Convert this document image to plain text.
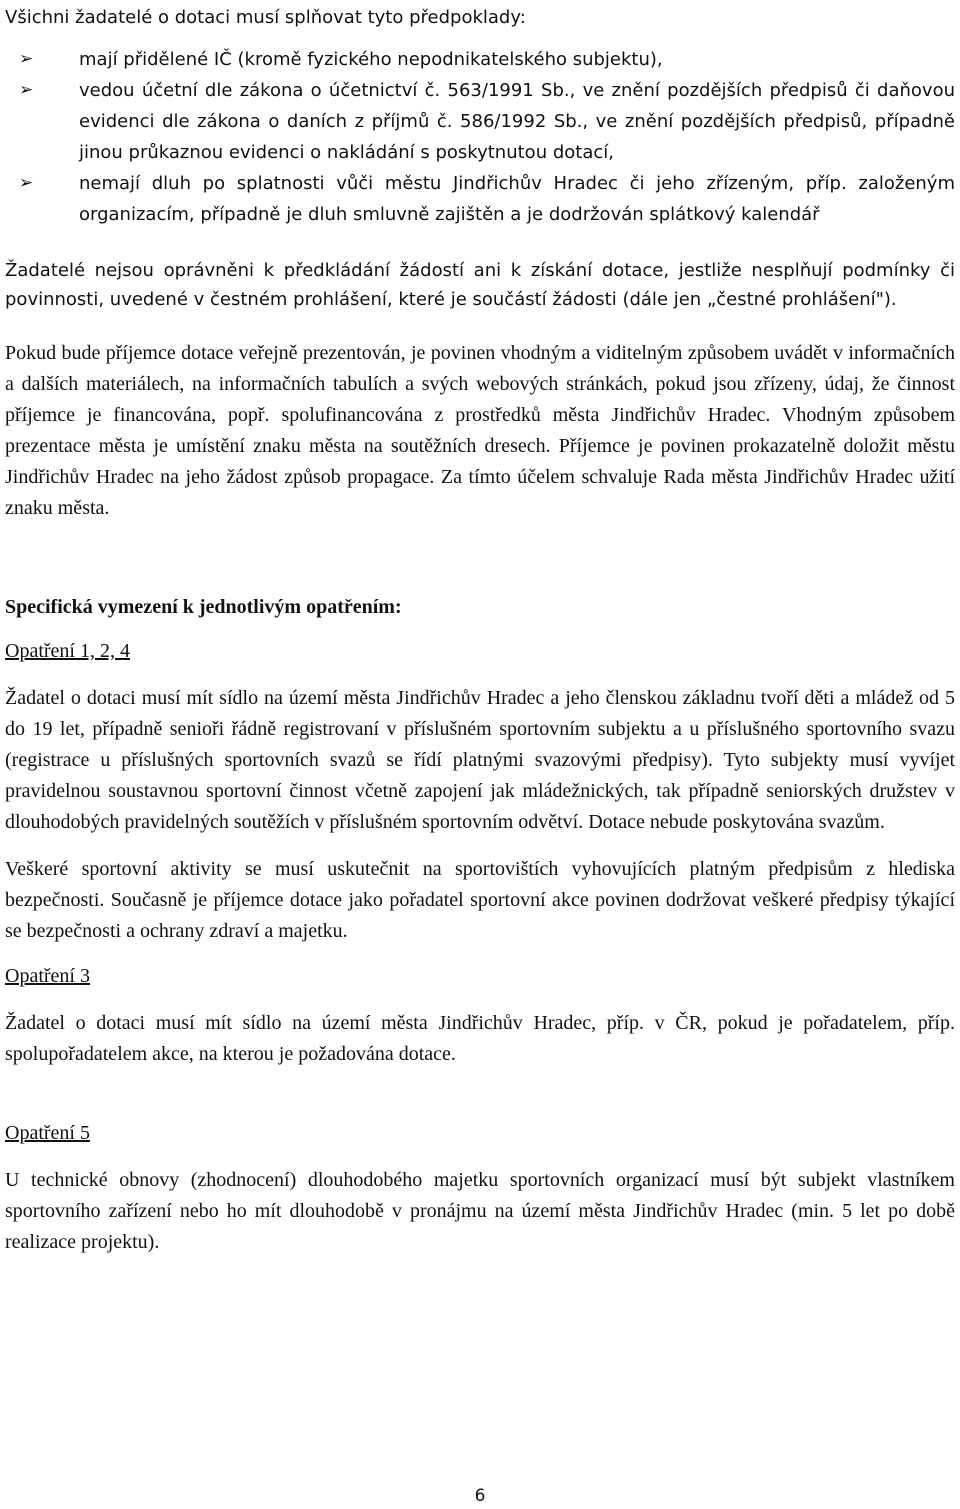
Všichni žadatelé o dotaci musí splňovat tyto předpoklady:

➢	mají přidělené IČ (kromě fyzického nepodnikatelského subjektu),
➢	vedou účetní dle zákona o účetnictví č. 563/1991 Sb., ve znění pozdějších předpisů či daňovou evidenci dle zákona o daních z příjmů č. 586/1992 Sb., ve znění pozdějších předpisů, případně jinou průkaznou evidenci o nakládání s poskytnutou dotací,
➢	nemají dluh po splatnosti vůči městu Jindřichův Hradec či jeho zřízeným, příp. založeným organizacím, případně je dluh smluvně zajištěn a je dodržován splátkový kalendář

Žadatelé nejsou oprávněni k předkládání žádostí ani k získání dotace, jestliže nesplňují podmínky či povinnosti, uvedené v čestném prohlášení, které je součástí žádosti (dále jen „čestné prohlášení").

Pokud bude příjemce dotace veřejně prezentován, je povinen vhodným a viditelným způsobem uvádět v informačních a dalších materiálech, na informačních tabulích a svých webových stránkách, pokud jsou zřízeny, údaj, že činnost příjemce je financována, popř. spolufinancována z prostředků města Jindřichův Hradec. Vhodným způsobem prezentace města je umístění znaku města na soutěžních dresech. Příjemce je povinen prokazatelně doložit městu Jindřichův Hradec na jeho žádost způsob propagace. Za tímto účelem schvaluje Rada města Jindřichův Hradec užití znaku města.

Specifická vymezení k jednotlivým opatřením:

Opatření 1, 2, 4

Žadatel o dotaci musí mít sídlo na území města Jindřichův Hradec a jeho členskou základnu tvoří děti a mládež od 5 do 19 let, případně senioři řádně registrovaní v příslušném sportovním subjektu a u příslušného sportovního svazu (registrace u příslušných sportovních svazů se řídí platnými svazovými předpisy). Tyto subjekty musí vyvíjet pravidelnou soustavnou sportovní činnost včetně zapojení jak mládežnických, tak případně seniorských družstev v dlouhodobých pravidelných soutěžích v příslušném sportovním odvětví. Dotace nebude poskytována svazům.

Veškeré sportovní aktivity se musí uskutečnit na sportovištích vyhovujících platným předpisům z hlediska bezpečnosti. Současně je příjemce dotace jako pořadatel sportovní akce povinen dodržovat veškeré předpisy týkající se bezpečnosti a ochrany zdraví a majetku.

Opatření 3

Žadatel o dotaci musí mít sídlo na území města Jindřichův Hradec, příp. v ČR, pokud je pořadatelem, příp. spolupořadatelem akce, na kterou je požadována dotace.

Opatření 5

U technické obnovy (zhodnocení) dlouhodobého majetku sportovních organizací musí být subjekt vlastníkem sportovního zařízení nebo ho mít dlouhodobě v pronájmu na území města Jindřichův Hradec (min. 5 let po době realizace projektu).

6
